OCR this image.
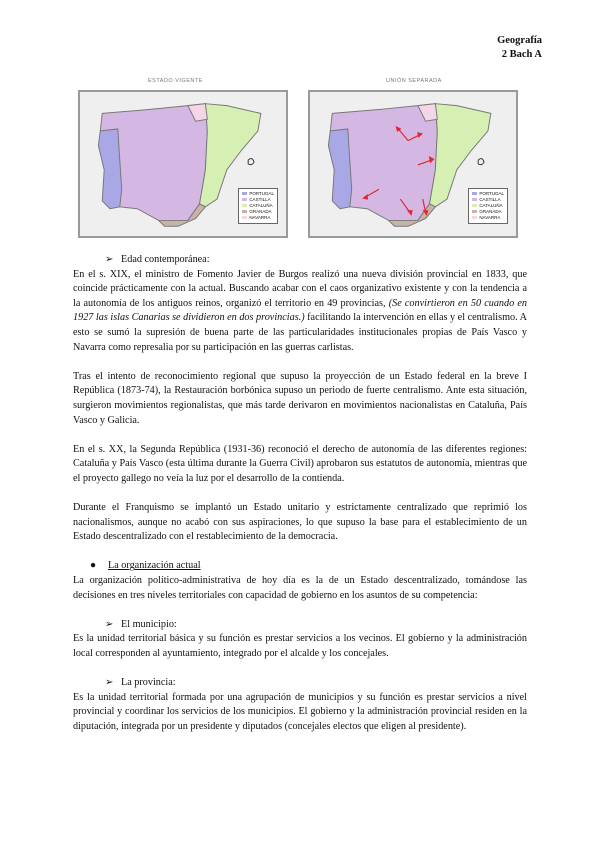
Geografía
2 Bach A
ESTADO VIGENTE	UNIÓN SEPARADA
PORTUGAL
CASTILLA
CATALUÑA
GRANADA
NAVARRA
PORTUGAL
CASTILLA
CATALUÑA
GRANADA
NAVARRA

➢ Edad contemporánea:

En el s. XIX, el ministro de Fomento Javier de Burgos realizó una nueva división provincial en 1833, que coincide prácticamente con la actual. Buscando acabar con el caos organizativo existente y con la tendencia a la autonomía de los antiguos reinos, organizó el territorio en 49 provincias, (Se convirtieron en 50 cuando en 1927 las islas Canarias se dividieron en dos provincias.) facilitando la intervención en ellas y el centralismo. A esto se sumó la supresión de buena parte de las particularidades institucionales propias de País Vasco y Navarra como represalia por su participación en las guerras carlistas.

Tras el intento de reconocimiento regional que supuso la proyección de un Estado federal en la breve I República (1873-74), la Restauración borbónica supuso un periodo de fuerte centralismo. Ante esta situación, surgieron movimientos regionalistas, que más tarde derivaron en movimientos nacionalistas en Cataluña, País Vasco y Galicia.

En el s. XX, la Segunda República (1931-36) reconoció el derecho de autonomía de las diferentes regiones: Cataluña y País Vasco (esta última durante la Guerra Civil) aprobaron sus estatutos de autonomía, mientras que el proyecto gallego no veía la luz por el desarrollo de la contienda.

Durante el Franquismo se implantó un Estado unitario y estrictamente centralizado que reprimió los nacionalismos, aunque no acabó con sus aspiraciones, lo que supuso la base para el establecimiento de un Estado descentralizado con el restablecimiento de la democracia.

● La organización actual

La organización político-administrativa de hoy día es la de un Estado descentralizado, tomándose las decisiones en tres niveles territoriales con capacidad de gobierno en los asuntos de su competencia:

➢ El municipio:

Es la unidad territorial básica y su función es prestar servicios a los vecinos. El gobierno y la administración local corresponden al ayuntamiento, integrado por el alcalde y los concejales.

➢ La provincia:

Es la unidad territorial formada por una agrupación de municipios y su función es prestar servicios a nivel provincial y coordinar los servicios de los municipios. El gobierno y la administración provincial residen en la diputación, integrada por un presidente y diputados (concejales electos que eligen al presidente).
